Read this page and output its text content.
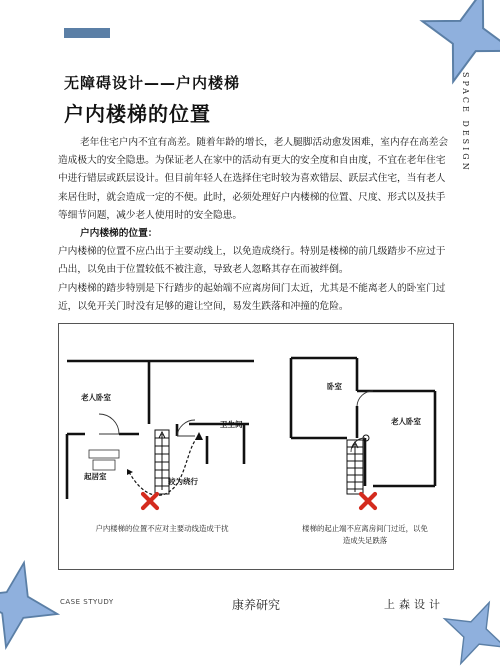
SPACE DESIGN
无障碍设计——户内楼梯
户内楼梯的位置

老年住宅户内不宜有高差。随着年龄的增长，老人腿脚活动愈发困难，室内存在高差会造成极大的安全隐患。为保证老人在家中的活动有更大的安全度和自由度，不宜在老年住宅中进行错层或跃层设计。但目前年轻人在选择住宅时较为喜欢错层、跃层式住宅，当有老人来居住时，就会造成一定的不便。此时，必须处理好户内楼梯的位置、尺度、形式以及扶手等细节问题，减少老人使用时的安全隐患。

户内楼梯的位置：

户内楼梯的位置不应凸出于主要动线上，以免造成绕行。特别是楼梯的前几级踏步不应过于凸出，以免由于位置较低不被注意，导致老人忽略其存在而被绊倒。

户内楼梯的踏步特别是下行踏步的起始端不应离房间门太近，尤其是不能离老人的卧室门过近，以免开关门时没有足够的避让空间，易发生跌落和冲撞的危险。

老人卧室
卫生间
起居室
较为绕行
卧室
老人卧室
户内楼梯的位置不应对主要动线造成干扰	楼梯的起止端不应离房间门过近，以免
造成失足跌落
CASE STYUDY	康养研究	上森设计
